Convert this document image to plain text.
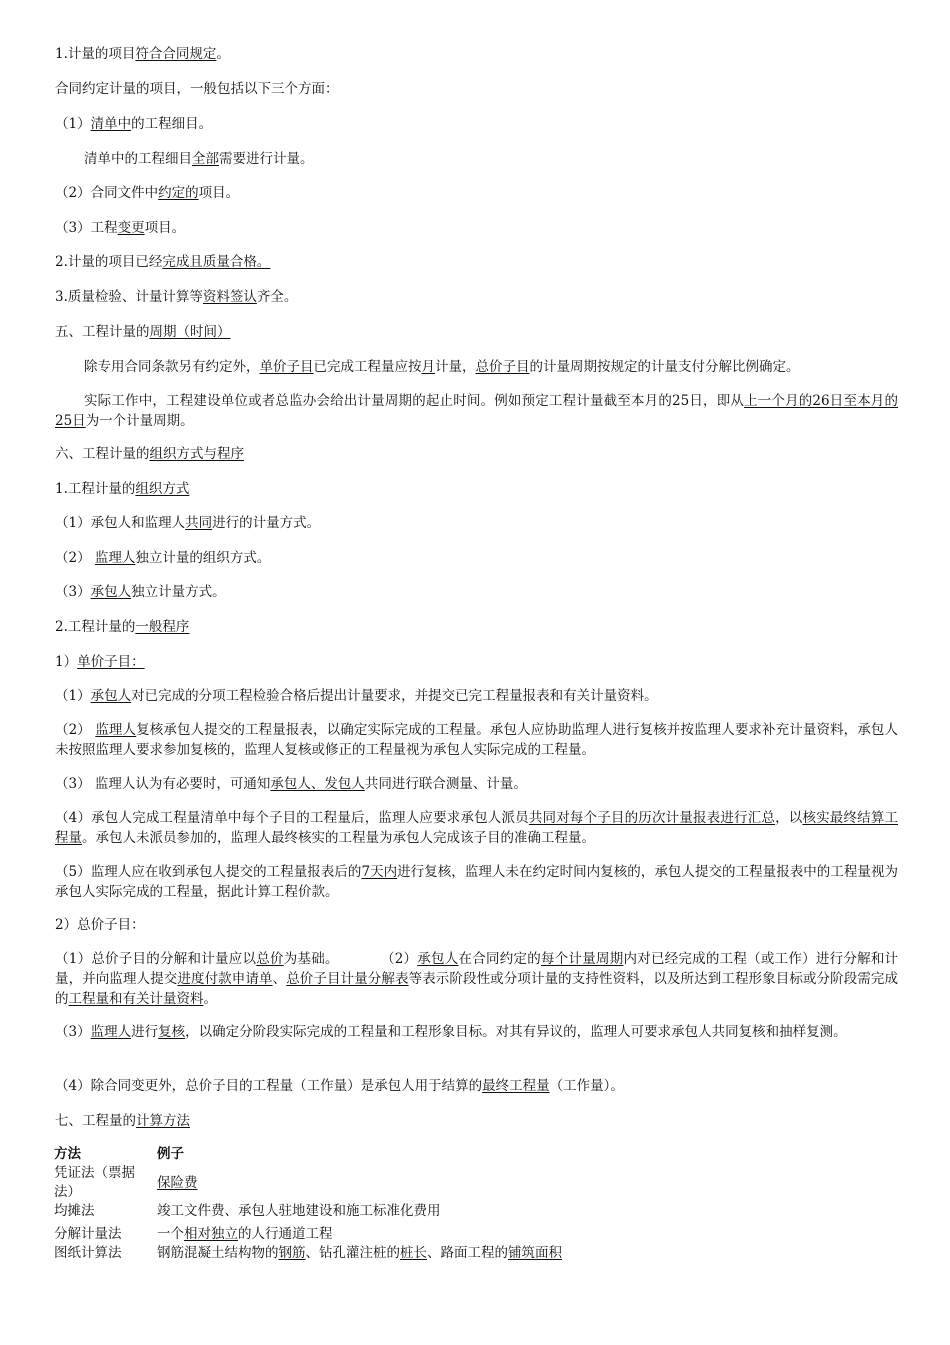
1.计量的项目符合合同规定。
合同约定计量的项目，一般包括以下三个方面：
（1）清单中的工程细目。
清单中的工程细目全部需要进行计量。
（2）合同文件中约定的项目。
（3）工程变更项目。
2.计量的项目已经完成且质量合格。
3.质量检验、计量计算等资料签认齐全。
五、工程计量的周期（时间）
除专用合同条款另有约定外，单价子目已完成工程量应按月计量，总价子目的计量周期按规定的计量支付分解比例确定。
实际工作中，工程建设单位或者总监办会给出计量周期的起止时间。例如预定工程计量截至本月的25日，即从上一个月的26日至本月的25日为一个计量周期。
六、工程计量的组织方式与程序
1.工程计量的组织方式
（1）承包人和监理人共同进行的计量方式。
（2） 监理人独立计量的组织方式。
（3）承包人独立计量方式。
2.工程计量的一般程序
1）单价子目：
（1）承包人对已完成的分项工程检验合格后提出计量要求，并提交已完工程量报表和有关计量资料。
（2） 监理人复核承包人提交的工程量报表，以确定实际完成的工程量。承包人应协助监理人进行复核并按监理人要求补充计量资料，承包人未按照监理人要求参加复核的，监理人复核或修正的工程量视为承包人实际完成的工程量。
（3） 监理人认为有必要时，可通知承包人、发包人共同进行联合测量、计量。
（4）承包人完成工程量清单中每个子目的工程量后，监理人应要求承包人派员共同对每个子目的历次计量报表进行汇总，以核实最终结算工程量。承包人未派员参加的，监理人最终核实的工程量为承包人完成该子目的准确工程量。
（5）监理人应在收到承包人提交的工程量报表后的7天内进行复核，监理人未在约定时间内复核的，承包人提交的工程量报表中的工程量视为承包人实际完成的工程量，据此计算工程价款。
2）总价子目：
（1）总价子目的分解和计量应以总价为基础。	（2）承包人在合同约定的每个计量周期内对已经完成的工程（或工作）进行分解和计量，并向监理人提交进度付款申请单、总价子目计量分解表等表示阶段性或分项计量的支持性资料，以及所达到工程形象目标或分阶段需完成的工程量和有关计量资料。
（3）监理人进行复核，以确定分阶段实际完成的工程量和工程形象目标。对其有异议的，监理人可要求承包人共同复核和抽样复测。
（4）除合同变更外，总价子目的工程量（工作量）是承包人用于结算的最终工程量（工作量）。
七、工程量的计算方法
方法	例子
凭证法（票据法）	保险费
均摊法	竣工文件费、承包人驻地建设和施工标准化费用
分解计量法	一个相对独立的人行通道工程
图纸计算法	钢筋混凝土结构物的钢筋、钻孔灌注桩的桩长、路面工程的铺筑面积
